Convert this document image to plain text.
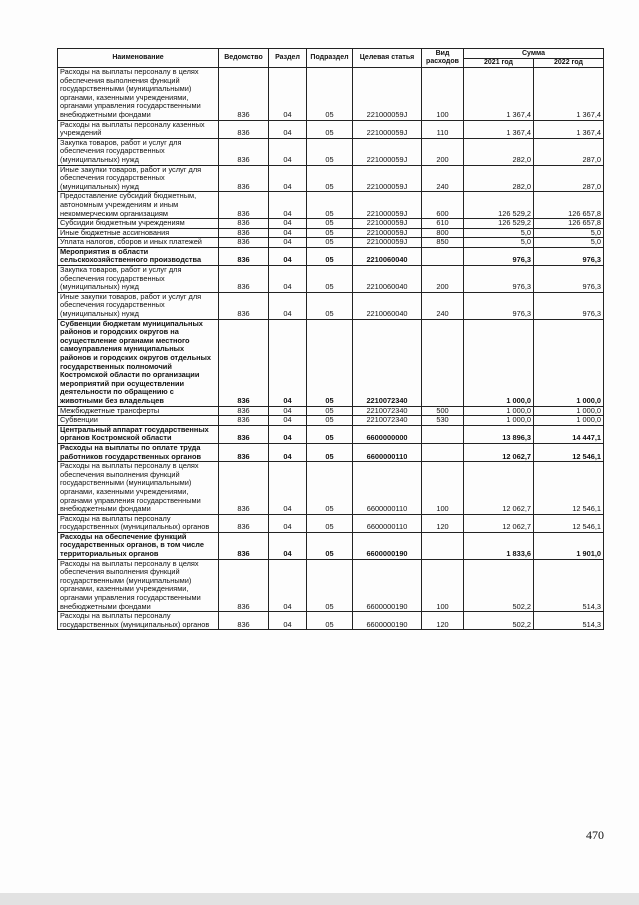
Наименование	Ведомство	Раздел	Подраздел	Целевая статья	Вид расходов	Сумма	
						2021 год	2022 год
Расходы на выплаты персоналу в целях обеспечения выполнения функций государственными (муниципальными) органами, казенными учреждениями, органами управления государственными внебюджетными фондами	836	04	05	221000059J	100	1 367,4	1 367,4
Расходы на выплаты персоналу казенных учреждений	836	04	05	221000059J	110	1 367,4	1 367,4
Закупка товаров, работ и услуг для обеспечения государственных (муниципальных) нужд	836	04	05	221000059J	200	282,0	287,0
Иные закупки товаров, работ и услуг для обеспечения государственных (муниципальных) нужд	836	04	05	221000059J	240	282,0	287,0
Предоставление субсидий бюджетным, автономным учреждениям и иным некоммерческим организациям	836	04	05	221000059J	600	126 529,2	126 657,8
Субсидии бюджетным учреждениям	836	04	05	221000059J	610	126 529,2	126 657,8
Иные бюджетные ассигнования	836	04	05	221000059J	800	5,0	5,0
Уплата налогов, сборов и иных платежей	836	04	05	221000059J	850	5,0	5,0
Мероприятия в области сельскохозяйственного производства	836	04	05	2210060040		976,3	976,3
Закупка товаров, работ и услуг для обеспечения государственных (муниципальных) нужд	836	04	05	2210060040	200	976,3	976,3
Иные закупки товаров, работ и услуг для обеспечения государственных (муниципальных) нужд	836	04	05	2210060040	240	976,3	976,3
Субвенции бюджетам муниципальных районов и городских округов на осуществление органами местного самоуправления муниципальных районов и городских округов отдельных государственных полномочий Костромской области по организации мероприятий при осуществлении деятельности по обращению с животными без владельцев	836	04	05	2210072340		1 000,0	1 000,0
Межбюджетные трансферты	836	04	05	2210072340	500	1 000,0	1 000,0
Субвенции	836	04	05	2210072340	530	1 000,0	1 000,0
Центральный аппарат государственных органов Костромской области	836	04	05	6600000000		13 896,3	14 447,1
Расходы на выплаты по оплате труда работников государственных органов	836	04	05	6600000110		12 062,7	12 546,1
Расходы на выплаты персоналу в целях обеспечения выполнения функций государственными (муниципальными) органами, казенными учреждениями, органами управления государственными внебюджетными фондами	836	04	05	6600000110	100	12 062,7	12 546,1
Расходы на выплаты персоналу государственных (муниципальных) органов	836	04	05	6600000110	120	12 062,7	12 546,1
Расходы на обеспечение функций государственных органов, в том числе территориальных органов	836	04	05	6600000190		1 833,6	1 901,0
Расходы на выплаты персоналу в целях обеспечения выполнения функций государственными (муниципальными) органами, казенными учреждениями, органами управления государственными внебюджетными фондами	836	04	05	6600000190	100	502,2	514,3
Расходы на выплаты персоналу государственных (муниципальных) органов	836	04	05	6600000190	120	502,2	514,3
470
